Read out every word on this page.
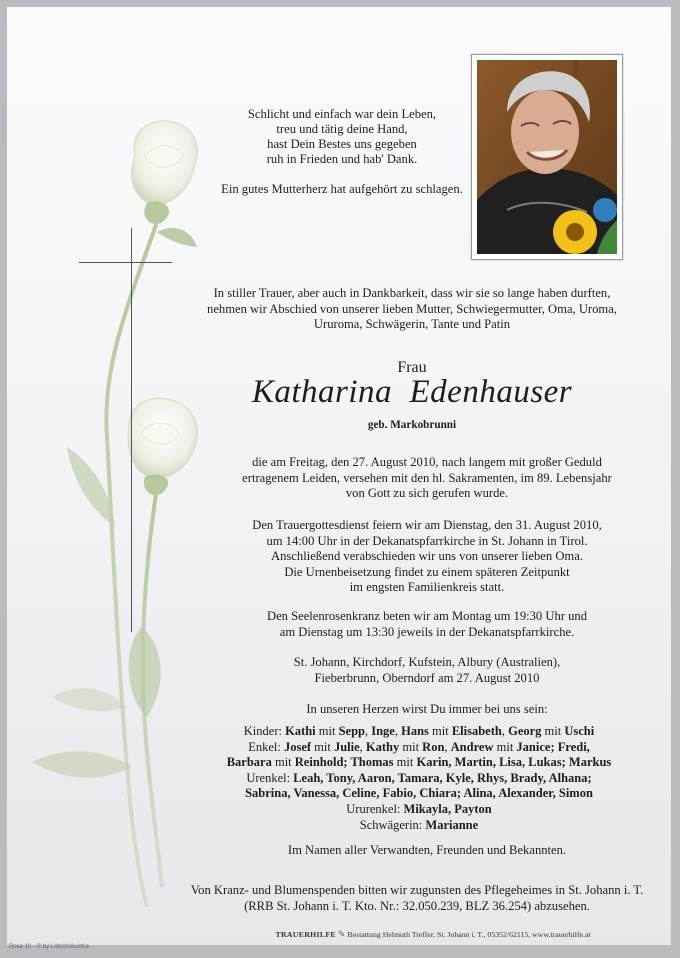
Schlicht und einfach war dein Leben,
treu und tätig deine Hand,
hast Dein Bestes uns gegeben
ruh in Frieden und hab' Dank.
Ein gutes Mutterherz hat aufgehört zu schlagen.
In stiller Trauer, aber auch in Dankbarkeit, dass wir sie so lange haben durften,
nehmen wir Abschied von unserer lieben Mutter, Schwiegermutter, Oma, Uroma,
Ururoma, Schwägerin, Tante und Patin
Frau
Katharina  Edenhauser
geb. Markobrunni
die am Freitag, den 27. August 2010, nach langem mit großer Geduld
ertragenem Leiden, versehen mit den hl. Sakramenten, im 89. Lebensjahr
von Gott zu sich gerufen wurde.
Den Trauergottesdienst feiern wir am Dienstag, den 31. August 2010,
um 14:00 Uhr in der Dekanatspfarrkirche in St. Johann in Tirol.
Anschließend verabschieden wir uns von unserer lieben Oma.
Die Urnenbeisetzung findet zu einem späteren Zeitpunkt
im engsten Familienkreis statt.
Den Seelenrosenkranz beten wir am Montag um 19:30 Uhr und
am Dienstag um 13:30 jeweils in der Dekanatspfarrkirche.
St. Johann, Kirchdorf, Kufstein, Albury (Australien),
Fieberbrunn, Oberndorf am 27. August 2010
In unseren Herzen wirst Du immer bei uns sein:
Kinder: Kathi mit Sepp, Inge, Hans mit Elisabeth, Georg mit Uschi
Enkel: Josef mit Julie, Kathy mit Ron, Andrew mit Janice; Fredi,
Barbara mit Reinhold; Thomas mit Karin, Martin, Lisa, Lukas; Markus
Urenkel: Leah, Tony, Aaron, Tamara, Kyle, Rhys, Brady, Alhana;
Sabrina, Vanessa, Celine, Fabio, Chiara; Alina, Alexander, Simon
Ururenkel: Mikayla, Payton
Schwägerin: Marianne
Im Namen aller Verwandten, Freunden und Bekannten.
Von Kranz- und Blumenspenden bitten wir zugunsten des Pflegeheimes in St. Johann i. T.
(RRB St. Johann i. T. Kto. Nr.: 32.050.239, BLZ 36.254) abzusehen.
TRAUERHILFE ✎ Bestattung Helmuth Treffer, St. Johann i. T., 05352/62115, www.trauerhilfe.at
Rose 10 - © by Lötsch/Austria
